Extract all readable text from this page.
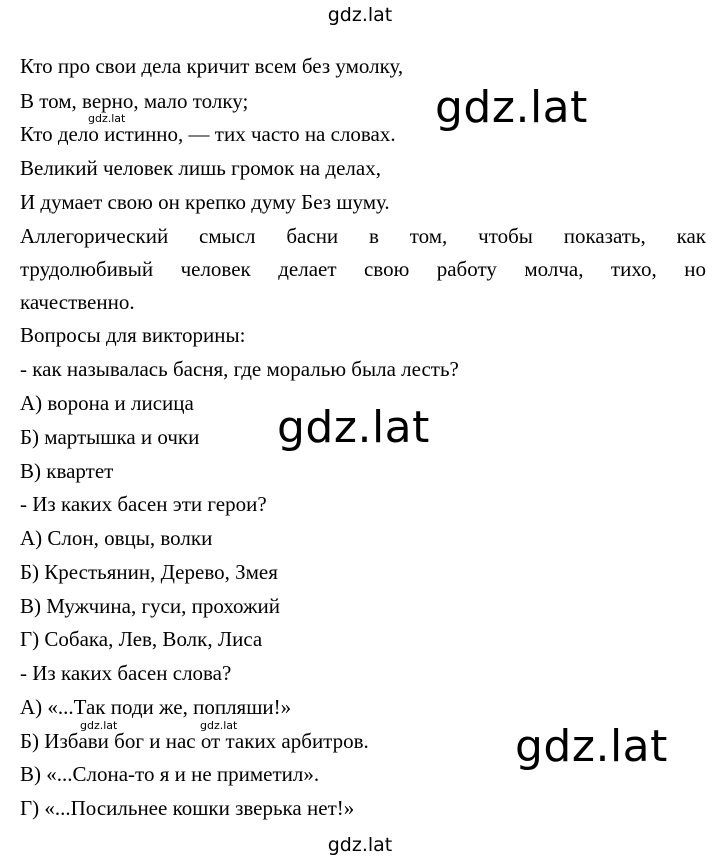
gdz.lat
Кто про свои дела кричит всем без умолку,
В том, верно, мало толку;
Кто дело истинно, — тих часто на словах.
Великий человек лишь громок на делах,
И думает свою он крепко думу Без шуму.
Аллегорический смысл басни в том, чтобы показать, как
трудолюбивый человек делает свою работу молча, тихо, но
качественно.
Вопросы для викторины:
- как называлась басня, где моралью была лесть?
А) ворона и лисица
Б) мартышка и очки
В) квартет
- Из каких басен эти герои?
А) Слон, овцы, волки
Б) Крестьянин, Дерево, Змея
В) Мужчина, гуси, прохожий
Г) Собака, Лев, Волк, Лиса
- Из каких басен слова?
А) «...Так поди же, попляши!»
Б) Избави бог и нас от таких арбитров.
В) «...Слона-то я и не приметил».
Г) «...Посильнее кошки зверька нет!»
gdz.lat
gdz.lat
gdz.lat
gdz.lat
gdz.lat	gdz.lat
gdz.lat
